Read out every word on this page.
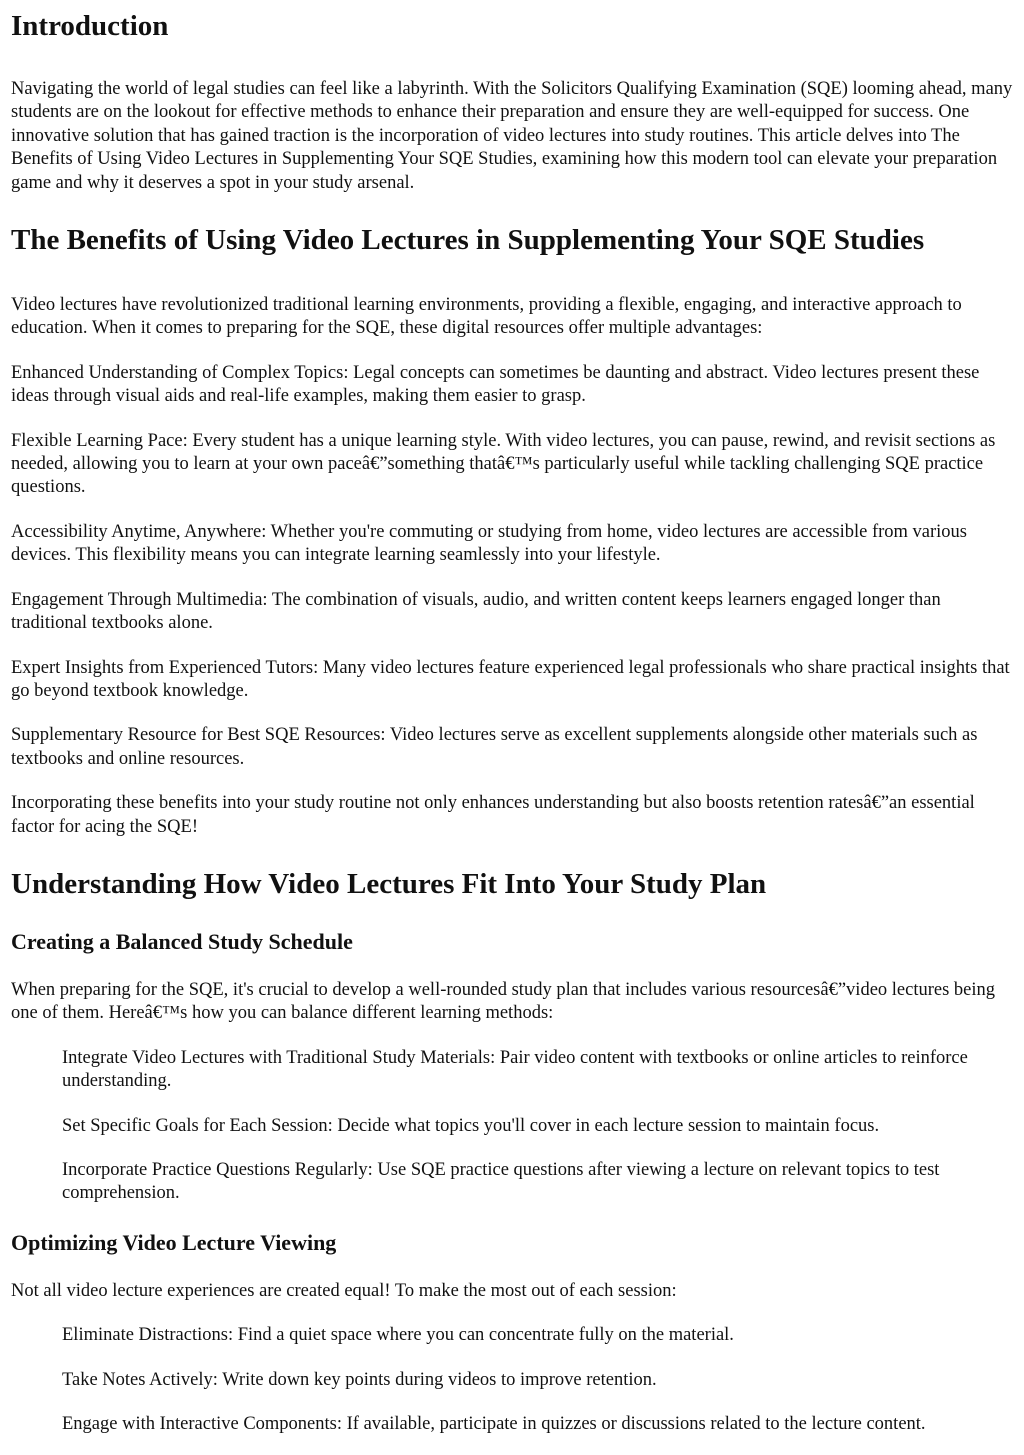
Introduction

Navigating the world of legal studies can feel like a labyrinth. With the Solicitors Qualifying Examination (SQE) looming ahead, many students are on the lookout for effective methods to enhance their preparation and ensure they are well-equipped for success. One innovative solution that has gained traction is the incorporation of video lectures into study routines. This article delves into The Benefits of Using Video Lectures in Supplementing Your SQE Studies, examining how this modern tool can elevate your preparation game and why it deserves a spot in your study arsenal.

The Benefits of Using Video Lectures in Supplementing Your SQE Studies

Video lectures have revolutionized traditional learning environments, providing a flexible, engaging, and interactive approach to education. When it comes to preparing for the SQE, these digital resources offer multiple advantages:

Enhanced Understanding of Complex Topics: Legal concepts can sometimes be daunting and abstract. Video lectures present these ideas through visual aids and real-life examples, making them easier to grasp.

Flexible Learning Pace: Every student has a unique learning style. With video lectures, you can pause, rewind, and revisit sections as needed, allowing you to learn at your own paceâ€”something thatâ€™s particularly useful while tackling challenging SQE practice questions.

Accessibility Anytime, Anywhere: Whether you're commuting or studying from home, video lectures are accessible from various devices. This flexibility means you can integrate learning seamlessly into your lifestyle.

Engagement Through Multimedia: The combination of visuals, audio, and written content keeps learners engaged longer than traditional textbooks alone.

Expert Insights from Experienced Tutors: Many video lectures feature experienced legal professionals who share practical insights that go beyond textbook knowledge.

Supplementary Resource for Best SQE Resources: Video lectures serve as excellent supplements alongside other materials such as textbooks and online resources.

Incorporating these benefits into your study routine not only enhances understanding but also boosts retention ratesâ€”an essential factor for acing the SQE!

Understanding How Video Lectures Fit Into Your Study Plan
Creating a Balanced Study Schedule

When preparing for the SQE, it's crucial to develop a well-rounded study plan that includes various resourcesâ€”video lectures being one of them. Hereâ€™s how you can balance different learning methods:

Integrate Video Lectures with Traditional Study Materials: Pair video content with textbooks or online articles to reinforce understanding.

Set Specific Goals for Each Session: Decide what topics you'll cover in each lecture session to maintain focus.

Incorporate Practice Questions Regularly: Use SQE practice questions after viewing a lecture on relevant topics to test comprehension.

Optimizing Video Lecture Viewing

Not all video lecture experiences are created equal! To make the most out of each session:

Eliminate Distractions: Find a quiet space where you can concentrate fully on the material.

Take Notes Actively: Write down key points during videos to improve retention.

Engage with Interactive Components: If available, participate in quizzes or discussions related to the lecture content.
